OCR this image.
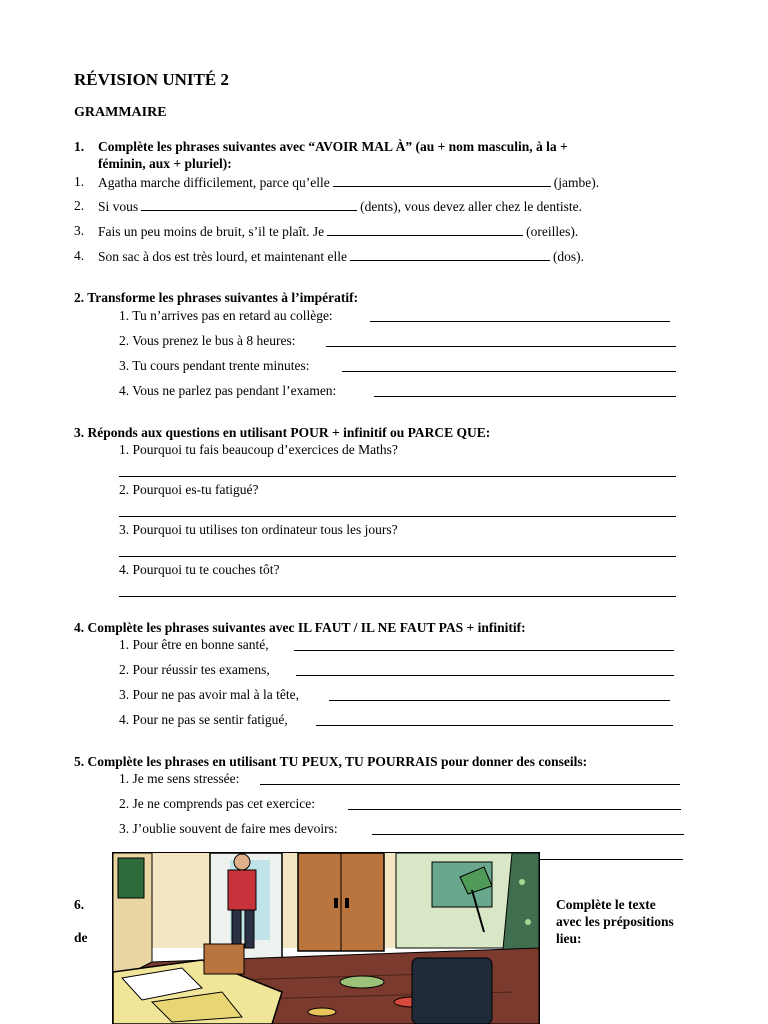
RÉVISION UNITÉ 2
GRAMMAIRE
1. Complète les phrases suivantes avec “AVOIR MAL À” (au + nom masculin, à la +
féminin, aux + pluriel):
1. Agatha marche difficilement, parce qu’elle	(jambe).
2. Si vous	(dents), vous devez aller chez le dentiste.
3. Fais un peu moins de bruit, s’il te plaît. Je	(oreilles).
4. Son sac à dos est très lourd, et maintenant elle	(dos).
2. Transforme les phrases suivantes à l’impératif:
1. Tu n’arrives pas en retard au collège:
2. Vous prenez le bus à 8 heures:
3. Tu cours pendant trente minutes:
4. Vous ne parlez pas pendant l’examen:
3. Réponds aux questions en utilisant POUR + infinitif ou PARCE QUE:
1. Pourquoi tu fais beaucoup d’exercices de Maths?
2. Pourquoi es-tu fatigué?
3. Pourquoi tu utilises ton ordinateur tous les jours?
4. Pourquoi tu te couches tôt?
4. Complète les phrases suivantes avec IL FAUT / IL NE FAUT PAS + infinitif:
1. Pour être en bonne santé,
2. Pour réussir tes examens,
3. Pour ne pas avoir mal à la tête,
4. Pour ne pas se sentir fatigué,
5. Complète les phrases en utilisant TU PEUX, TU POURRAIS pour donner des conseils:
1. Je me sens stressée:
2. Je ne comprends pas cet exercice:
3. J’oublie souvent de faire mes devoirs:
6.
de
Complète le texte
avec les prépositions
lieu:
